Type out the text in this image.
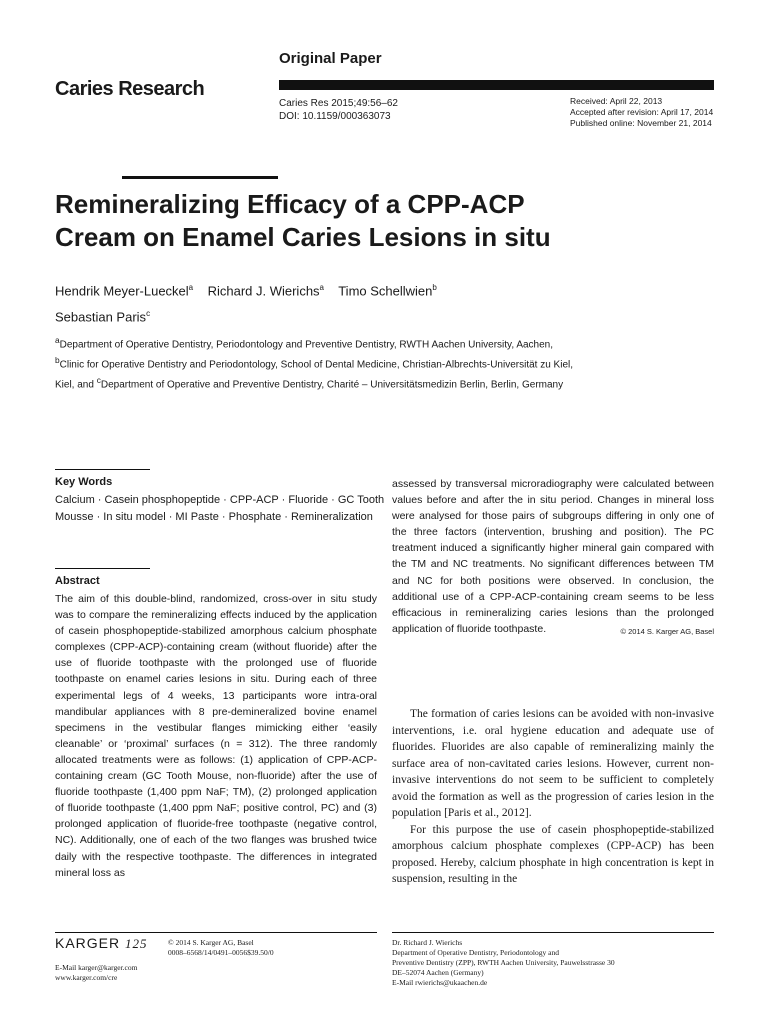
Caries Research
Original Paper
Caries Res 2015;49:56–62
DOI: 10.1159/000363073
Received: April 22, 2013
Accepted after revision: April 17, 2014
Published online: November 21, 2014
Remineralizing Efficacy of a CPP-ACP
Cream on Enamel Caries Lesions in situ
Hendrik Meyer-Lueckel$^a$ Richard J. Wierichs$^a$ Timo Schellwien$^b$
Sebastian Paris$^c$
$^a$Department of Operative Dentistry, Periodontology and Preventive Dentistry, RWTH Aachen University, Aachen, $^b$Clinic for Operative Dentistry and Periodontology, School of Dental Medicine, Christian-Albrechts-Universität zu Kiel, Kiel, and $^c$Department of Operative and Preventive Dentistry, Charité – Universitätsmedizin Berlin, Berlin, Germany
Key Words
Calcium · Casein phosphopeptide · CPP-ACP · Fluoride · GC Tooth Mousse · In situ model · MI Paste · Phosphate · Remineralization
Abstract
The aim of this double-blind, randomized, cross-over in situ study was to compare the remineralizing effects induced by the application of casein phosphopeptide-stabilized amorphous calcium phosphate complexes (CPP-ACP)-containing cream (without fluoride) after the use of fluoride toothpaste with the prolonged use of fluoride toothpaste on enamel caries lesions in situ. During each of three experimental legs of 4 weeks, 13 participants wore intra-oral mandibular appliances with 8 pre-demineralized bovine enamel specimens in the vestibular flanges mimicking either ‘easily cleanable’ or ‘proximal’ surfaces (n = 312). The three randomly allocated treatments were as follows: (1) application of CPP-ACP-containing cream (GC Tooth Mouse, non-fluoride) after the use of fluoride toothpaste (1,400 ppm NaF; TM), (2) prolonged application of fluoride toothpaste (1,400 ppm NaF; positive control, PC) and (3) prolonged application of fluoride-free toothpaste (negative control, NC). Additionally, one of each of the two flanges was brushed twice daily with the respective toothpaste. The differences in integrated mineral loss as
assessed by transversal microradiography were calculated between values before and after the in situ period. Changes in mineral loss were analysed for those pairs of subgroups differing in only one of the three factors (intervention, brushing and position). The PC treatment induced a significantly higher mineral gain compared with the TM and NC treatments. No significant differences between TM and NC for both positions were observed. In conclusion, the additional use of a CPP-ACP-containing cream seems to be less efficacious in remineralizing caries lesions than the prolonged application of fluoride toothpaste.	© 2014 S. Karger AG, Basel

The formation of caries lesions can be avoided with non-invasive interventions, i.e. oral hygiene education and adequate use of fluorides. Fluorides are also capable of remineralizing mainly the surface area of non-cavitated caries lesions. However, current non-invasive interventions do not seem to be sufficient to completely avoid the formation as well as the progression of caries lesion in the population [Paris et al., 2012].

For this purpose the use of casein phosphopeptide-stabilized amorphous calcium phosphate complexes (CPP-ACP) has been proposed. Hereby, calcium phosphate in high concentration is kept in suspension, resulting in the

KARGER 125	© 2014 S. Karger AG, Basel
0008–6568/14/0491–0056$39.50/0
E-Mail karger@karger.com
www.karger.com/cre
Dr. Richard J. Wierichs
Department of Operative Dentistry, Periodontology and
Preventive Dentistry (ZPP), RWTH Aachen University, Pauwelsstrasse 30
DE–52074 Aachen (Germany)
E-Mail rwierichs@ukaachen.de
